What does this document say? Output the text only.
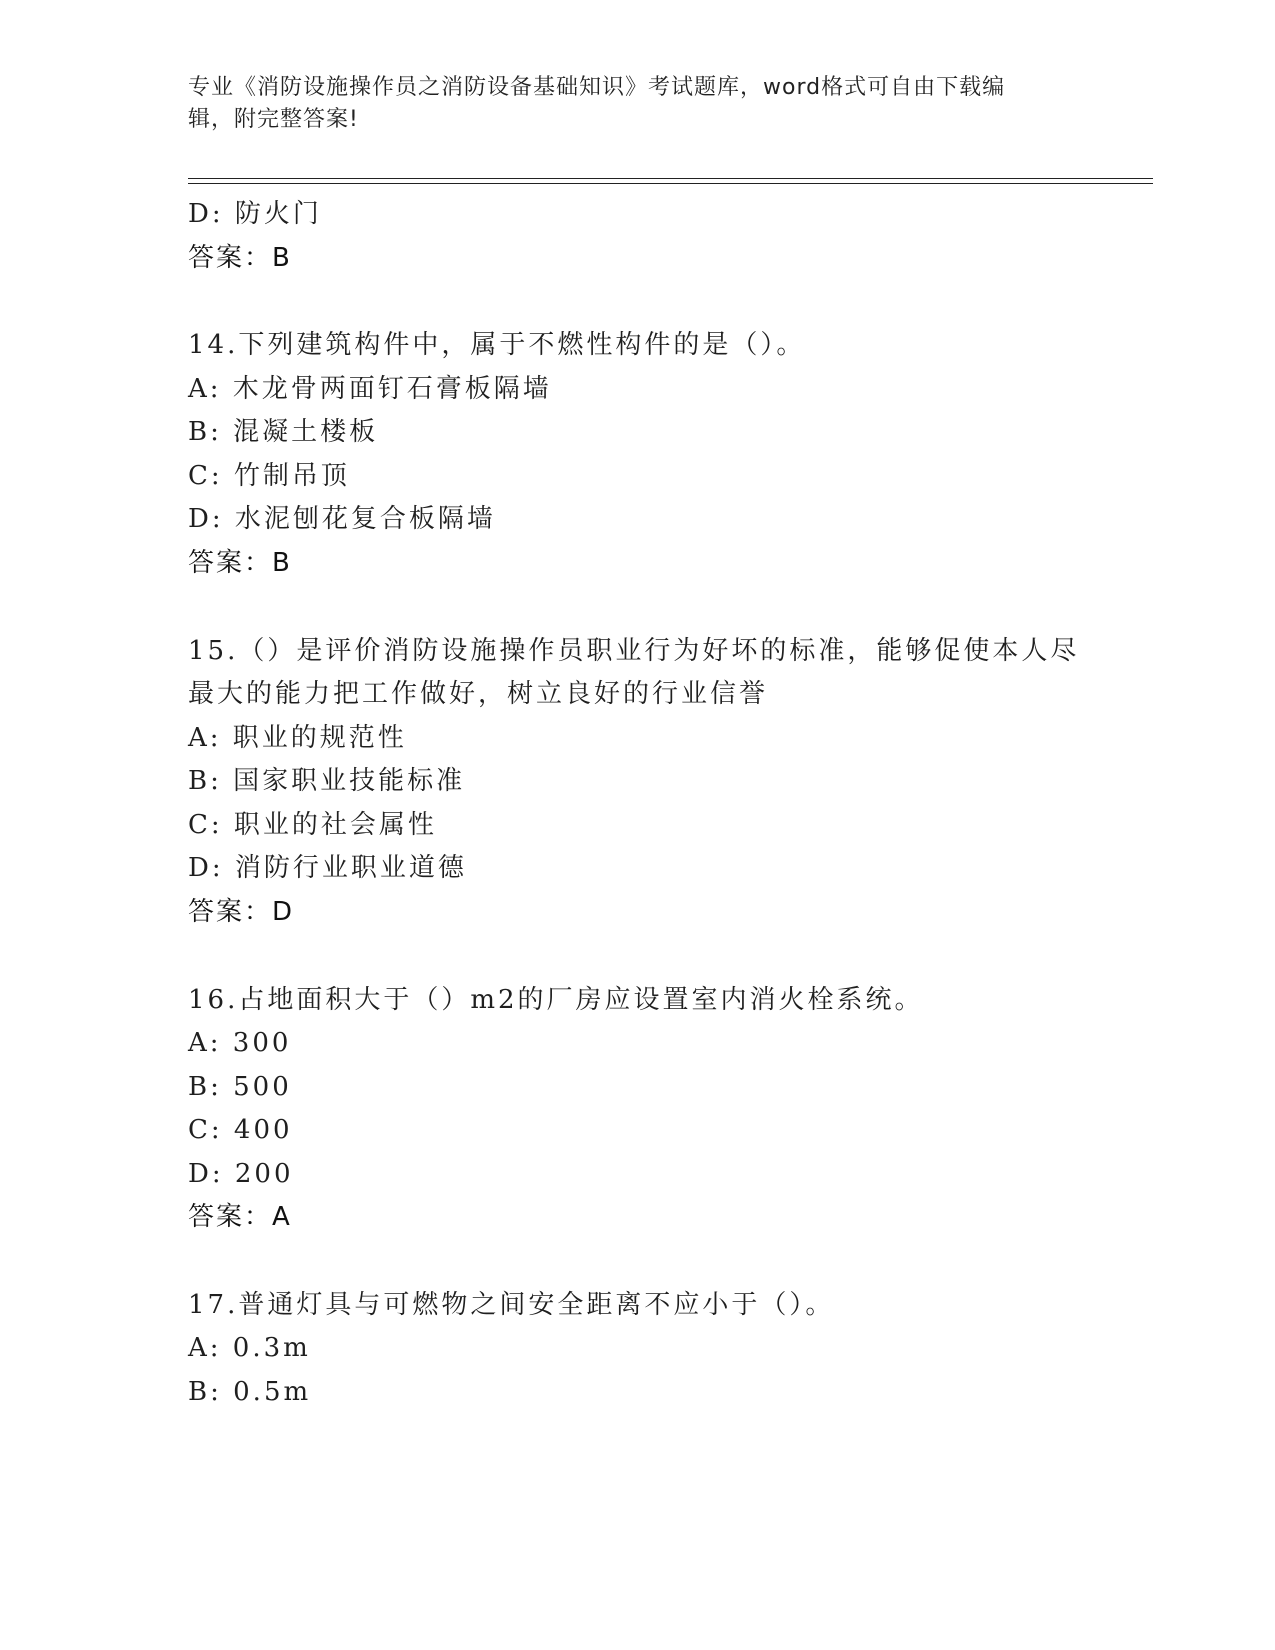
专业《消防设施操作员之消防设备基础知识》考试题库，word格式可自由下载编
辑，附完整答案!
D: 防火门
答案：B
14.下列建筑构件中，属于不燃性构件的是（）。
A: 木龙骨两面钉石膏板隔墙
B: 混凝土楼板
C: 竹制吊顶
D: 水泥刨花复合板隔墙
答案：B
15.（）是评价消防设施操作员职业行为好坏的标准，能够促使本人尽
最大的能力把工作做好，树立良好的行业信誉
A: 职业的规范性
B: 国家职业技能标准
C: 职业的社会属性
D: 消防行业职业道德
答案：D
16.占地面积大于（）m2的厂房应设置室内消火栓系统。
A: 300
B: 500
C: 400
D: 200
答案：A
17.普通灯具与可燃物之间安全距离不应小于（）。
A: 0.3m
B: 0.5m
